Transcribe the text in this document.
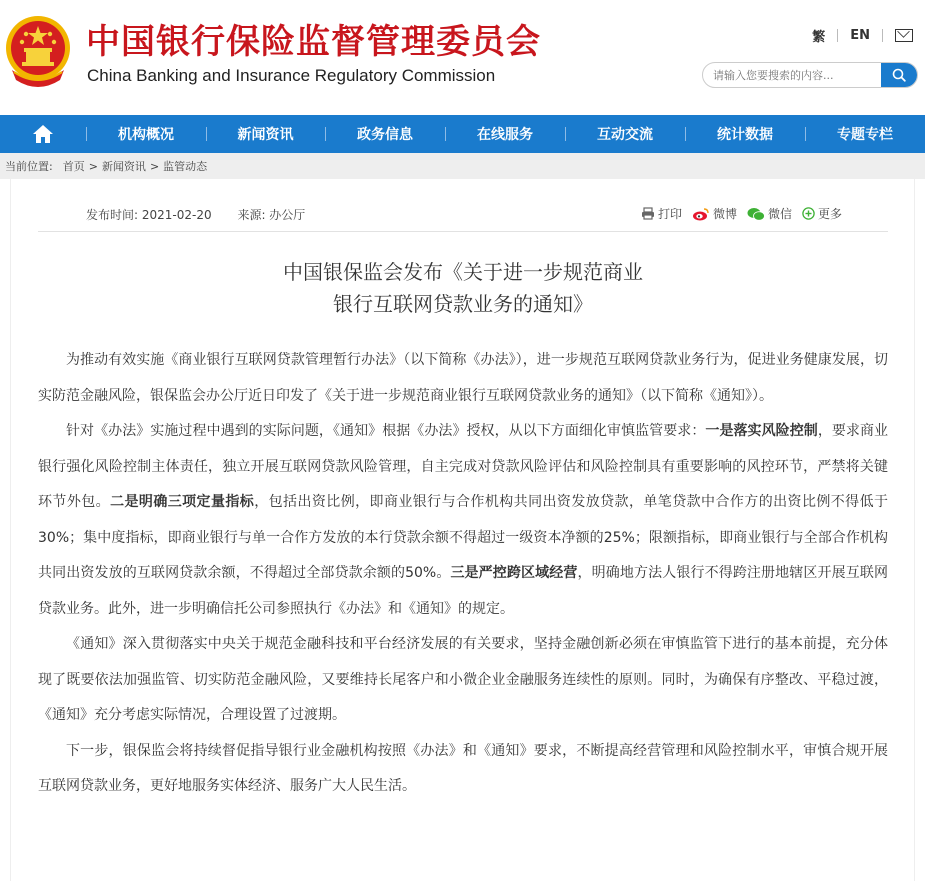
中国银行保险监督管理委员会
China Banking and Insurance Regulatory Commission
繁 EN
请输入您要搜索的内容...
机构概况	新闻资讯	政务信息	在线服务	互动交流	统计数据	专题专栏
当前位置: 首页 > 新闻资讯 > 监管动态
发布时间: 2021-02-20 来源: 办公厅	打印	微博	微信 更多
中国银保监会发布《关于进一步规范商业
银行互联网贷款业务的通知》

为推动有效实施《商业银行互联网贷款管理暂行办法》（以下简称《办法》），进一步规范互联网贷款业务行为，促进业务健康发展，切实防范金融风险，银保监会办公厅近日印发了《关于进一步规范商业银行互联网贷款业务的通知》（以下简称《通知》）。

针对《办法》实施过程中遇到的实际问题，《通知》根据《办法》授权，从以下方面细化审慎监管要求：一是落实风险控制，要求商业银行强化风险控制主体责任，独立开展互联网贷款风险管理，自主完成对贷款风险评估和风险控制具有重要影响的风控环节，严禁将关键环节外包。二是明确三项定量指标，包括出资比例，即商业银行与合作机构共同出资发放贷款，单笔贷款中合作方的出资比例不得低于30%；集中度指标，即商业银行与单一合作方发放的本行贷款余额不得超过一级资本净额的25%；限额指标，即商业银行与全部合作机构共同出资发放的互联网贷款余额，不得超过全部贷款余额的50%。三是严控跨区域经营，明确地方法人银行不得跨注册地辖区开展互联网贷款业务。此外，进一步明确信托公司参照执行《办法》和《通知》的规定。

《通知》深入贯彻落实中央关于规范金融科技和平台经济发展的有关要求，坚持金融创新必须在审慎监管下进行的基本前提，充分体现了既要依法加强监管、切实防范金融风险，又要维持长尾客户和小微企业金融服务连续性的原则。同时，为确保有序整改、平稳过渡，《通知》充分考虑实际情况，合理设置了过渡期。

下一步，银保监会将持续督促指导银行业金融机构按照《办法》和《通知》要求，不断提高经营管理和风险控制水平，审慎合规开展互联网贷款业务，更好地服务实体经济、服务广大人民生活。
